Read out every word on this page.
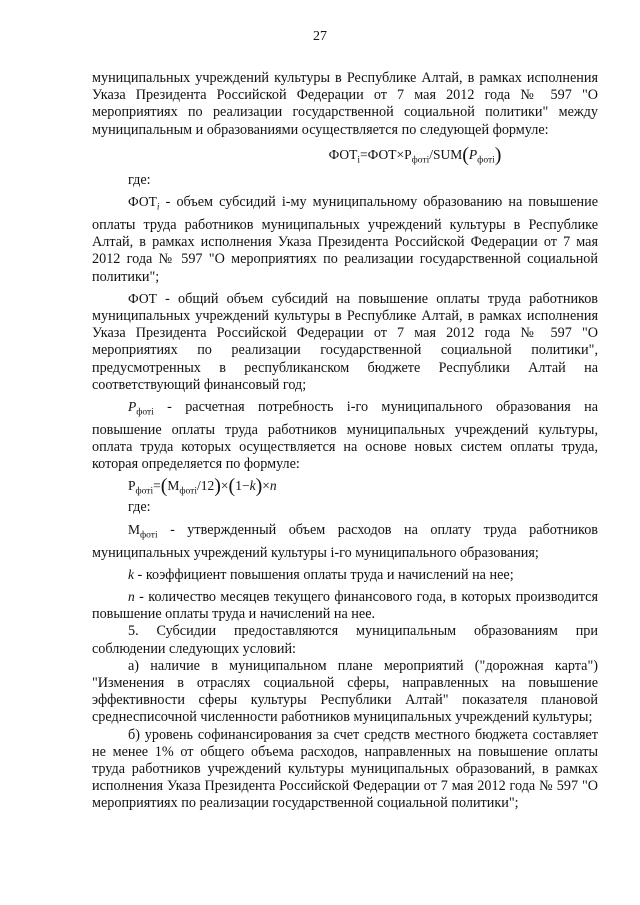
27

муниципальных учреждений культуры в Республике Алтай, в рамках исполнения Указа Президента Российской Федерации от 7 мая 2012 года № 597 "О мероприятиях по реализации государственной социальной политики" между муниципальным и образованиями осуществляется по следующей формуле:

$ФОТ_i=ФОТ\times P_{фотi}/SUM(P_{фотi})$

где:

$ФОТ_i$ - объем субсидий i-му муниципальному образованию на повышение оплаты труда работников муниципальных учреждений культуры в Республике Алтай, в рамках исполнения Указа Президента Российской Федерации от 7 мая 2012 года № 597 "О мероприятиях по реализации государственной социальной политики";

ФОТ - общий объем субсидий на повышение оплаты труда работников муниципальных учреждений культуры в Республике Алтай, в рамках исполнения Указа Президента Российской Федерации от 7 мая 2012 года № 597 "О мероприятиях по реализации государственной социальной политики", предусмотренных в республиканском бюджете Республики Алтай на соответствующий финансовый год;

$P_{фотi}$ - расчетная потребность i-го муниципального образования на повышение оплаты труда работников муниципальных учреждений культуры, оплата труда которых осуществляется на основе новых систем оплаты труда, которая определяется по формуле:

$P_{фотi}=(M_{фотi}/12)\times(1-k)\times n$

где:

$M_{фотi}$ - утвержденный объем расходов на оплату труда работников муниципальных учреждений культуры i-го муниципального образования;

k - коэффициент повышения оплаты труда и начислений на нее;

n - количество месяцев текущего финансового года, в которых производится повышение оплаты труда и начислений на нее.

5. Субсидии предоставляются муниципальным образованиям при соблюдении следующих условий:

а) наличие в муниципальном плане мероприятий ("дорожная карта") "Изменения в отраслях социальной сферы, направленных на повышение эффективности сферы культуры Республики Алтай" показателя плановой среднесписочной численности работников муниципальных учреждений культуры;

б) уровень софинансирования за счет средств местного бюджета составляет не менее 1% от общего объема расходов, направленных на повышение оплаты труда работников учреждений культуры муниципальных образований, в рамках исполнения Указа Президента Российской Федерации от 7 мая 2012 года № 597 "О мероприятиях по реализации государственной социальной политики";
